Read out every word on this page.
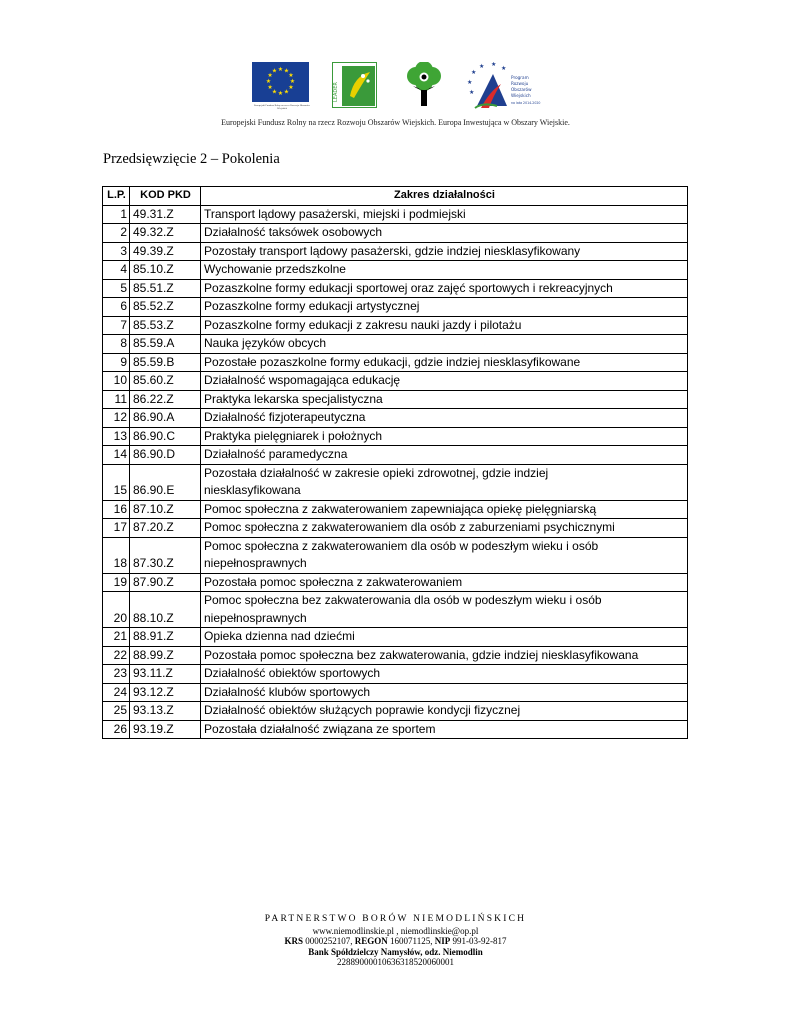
★ ★
★
★
★
★
★
★
★
★
★
★
Europejski Fundusz Rolny na rzecz Rozwoju Obszarów Wiejskich
LEADER
★
★
★
★ ★
★
Program
Rozwoju
Obszarów
Wiejskich
na lata 2014-2020
Europejski Fundusz Rolny na rzecz Rozwoju Obszarów Wiejskich. Europa Inwestująca w Obszary Wiejskie.
Przedsięwzięcie 2 – Pokolenia
L.P.	KOD PKD	Zakres działalności
1	49.31.Z	Transport lądowy pasażerski, miejski i podmiejski
2	49.32.Z	Działalność taksówek osobowych
3	49.39.Z	Pozostały transport lądowy pasażerski, gdzie indziej niesklasyfikowany
4	85.10.Z	Wychowanie przedszkolne
5	85.51.Z	Pozaszkolne formy edukacji sportowej oraz zajęć sportowych i rekreacyjnych
6	85.52.Z	Pozaszkolne formy edukacji artystycznej
7	85.53.Z	Pozaszkolne formy edukacji z zakresu nauki jazdy i pilotażu
8	85.59.A	Nauka języków obcych
9	85.59.B	Pozostałe pozaszkolne formy edukacji, gdzie indziej niesklasyfikowane
10	85.60.Z	Działalność wspomagająca edukację
11	86.22.Z	Praktyka lekarska specjalistyczna
12	86.90.A	Działalność fizjoterapeutyczna
13	86.90.C	Praktyka pielęgniarek i położnych
14	86.90.D	Działalność paramedyczna
15	86.90.E	Pozostała działalność w zakresie opieki zdrowotnej, gdzie indziej
niesklasyfikowana
16	87.10.Z	Pomoc społeczna z zakwaterowaniem zapewniająca opiekę pielęgniarską
17	87.20.Z	Pomoc społeczna z zakwaterowaniem dla osób z zaburzeniami psychicznymi
18	87.30.Z	Pomoc społeczna z zakwaterowaniem dla osób w podeszłym wieku i osób
niepełnosprawnych
19	87.90.Z	Pozostała pomoc społeczna z zakwaterowaniem
20	88.10.Z	Pomoc społeczna bez zakwaterowania dla osób w podeszłym wieku i osób
niepełnosprawnych
21	88.91.Z	Opieka dzienna nad dziećmi
22	88.99.Z	Pozostała pomoc społeczna bez zakwaterowania, gdzie indziej niesklasyfikowana
23	93.11.Z	Działalność obiektów sportowych
24	93.12.Z	Działalność klubów sportowych
25	93.13.Z	Działalność obiektów służących poprawie kondycji fizycznej
26	93.19.Z	Pozostała działalność związana ze sportem
PARTNERSTWO BORÓW NIEMODLIŃSKICH
www.niemodlinskie.pl , niemodlinskie@op.pl
KRS 0000252107, REGON 160071125, NIP 991-03-92-817
Bank Spółdzielczy Namysłów, odz. Niemodlin
22889000010636318520060001
